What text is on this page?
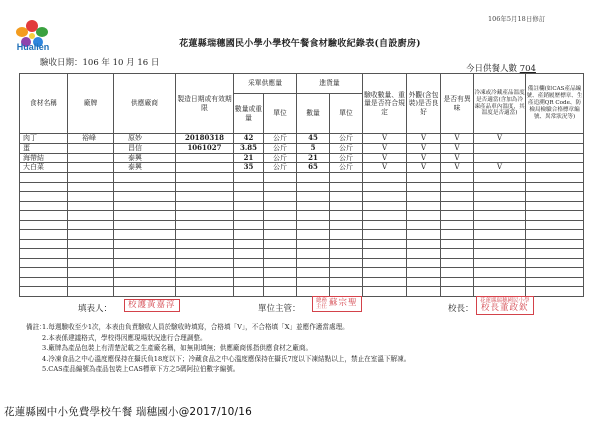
Hualien
106年5月18日修訂
花蓮縣瑞穗國民小學小學校午餐食材驗收紀錄表(自設廚房)
驗收日期：106 年 10 月 16 日
今日供餐人數 704
食材名稱	廠牌	供應廠商	製造日期或有效期限	采單供應量		進貨量		驗收數量、重量是否符合規定	外觀(含包裝)是否良好	是否有異味	冷凍或冷藏產品溫度是否適當(含加為冷凍產品車內溫度，其溫度是否適當)	備註欄(如CAS產品編號、產銷履歷標章、生產追溯QR Code、防檢局檢驗合格標章編號、異常狀況等)
				數量或重量	單位	數量	單位					
肉丁	裕峰	原妙	20180318	42	公斤	45	公斤	V	V	V	V	
蛋		昌信	1061027	3.85	公斤	5	公斤	V	V	V		
海帶結		泰興		21	公斤	21	公斤	V	V	V		
大白菜		泰興		35	公斤	65	公斤	V	V	V	V	

填表人：	校護黃嘉淳	單位主管：
總務
主任 蘇宗聖
校長：
花蓮縣瑞穗國民小學
校長董政欽
備註：
1.每週驗收至少1次，本表由負責驗收人員於驗收時填寫，合格填「V」，不合格填「X」並應作適當處理。
2.本表係建議格式，學校得因應現場狀況進行合理調整。
3.廠牌為產品包裝上有清楚記載之生產廠名稱，如無則填無；供應廠商係指供應食材之廠商。
4.冷凍食品之中心溫度應保持在攝氏負18度以下；冷藏食品之中心溫度應保持在攝氏7度以下凍結點以上，禁止在室溫下解凍。
5.CAS產品編號為產品包裝上CAS標章下方之5碼阿拉伯數字編號。
花蓮縣國中小免費學校午餐 瑞穗國小@2017/10/16
